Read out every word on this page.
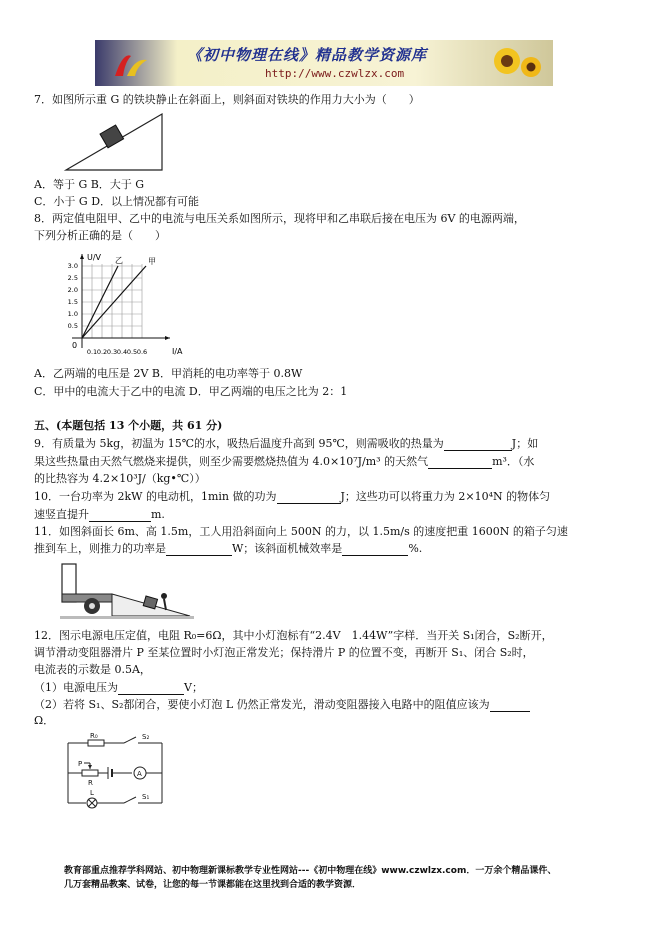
《初中物理在线》精品教学资源库
http://www.czwlzx.com
7．如图所示重 G 的铁块静止在斜面上，则斜面对铁块的作用力大小为（　　）
A．等于 G B．大于 G
C．小于 G D．以上情况都有可能
8．两定值电阻甲、乙中的电流与电压关系如图所示，现将甲和乙串联后接在电压为 6V 的电源两端，
下列分析正确的是（　　）
U/V
I/A
0
乙	甲
0.5
1.0
1.5
2.0
2.5
3.0
0.1 0.2 0.3 0.4 0.5 0.6
A．乙两端的电压是 2V B．甲消耗的电功率等于 0.8W
C．甲中的电流大于乙中的电流 D．甲乙两端的电压之比为 2：1
五、(本题包括 13 个小题，共 61 分)
9．有质量为 5kg，初温为 15℃的水，吸热后温度升高到 95℃，则需吸收的热量为	J；如
果这些热量由天然气燃烧来提供，则至少需要燃烧热值为 4.0×10⁷J/m³ 的天然气	m³．（水
的比热容为 4.2×10³J/（kg•℃））
10．一台功率为 2kW 的电动机，1min 做的功为	J；这些功可以将重力为 2×10⁴N 的物体匀
速竖直提升	m.
11．如图斜面长 6m、高 1.5m，工人用沿斜面向上 500N 的力，以 1.5m/s 的速度把重 1600N 的箱子匀速
推到车上，则推力的功率是	W；该斜面机械效率是	%.
12．图示电源电压定值，电阻 R₀=6Ω，其中小灯泡标有“2.4V　1.44W”字样．当开关 S₁闭合，S₂断开，
调节滑动变阻器滑片 P 至某位置时小灯泡正常发光；保持滑片 P 的位置不变，再断开 S₁、闭合 S₂时，
电流表的示数是 0.5A，
（1）电源电压为	V；
（2）若将 S₁、S₂都闭合，要使小灯泡 L 仍然正常发光，滑动变阻器接入电路中的阻值应该为
Ω．
R₀	S₂
P
R
A
L	S₁
教育部重点推荐学科网站、初中物理新课标教学专业性网站---《初中物理在线》www.czwlzx.com．一万余个精品课件、
几万套精品教案、试卷，让您的每一节课都能在这里找到合适的教学资源．
